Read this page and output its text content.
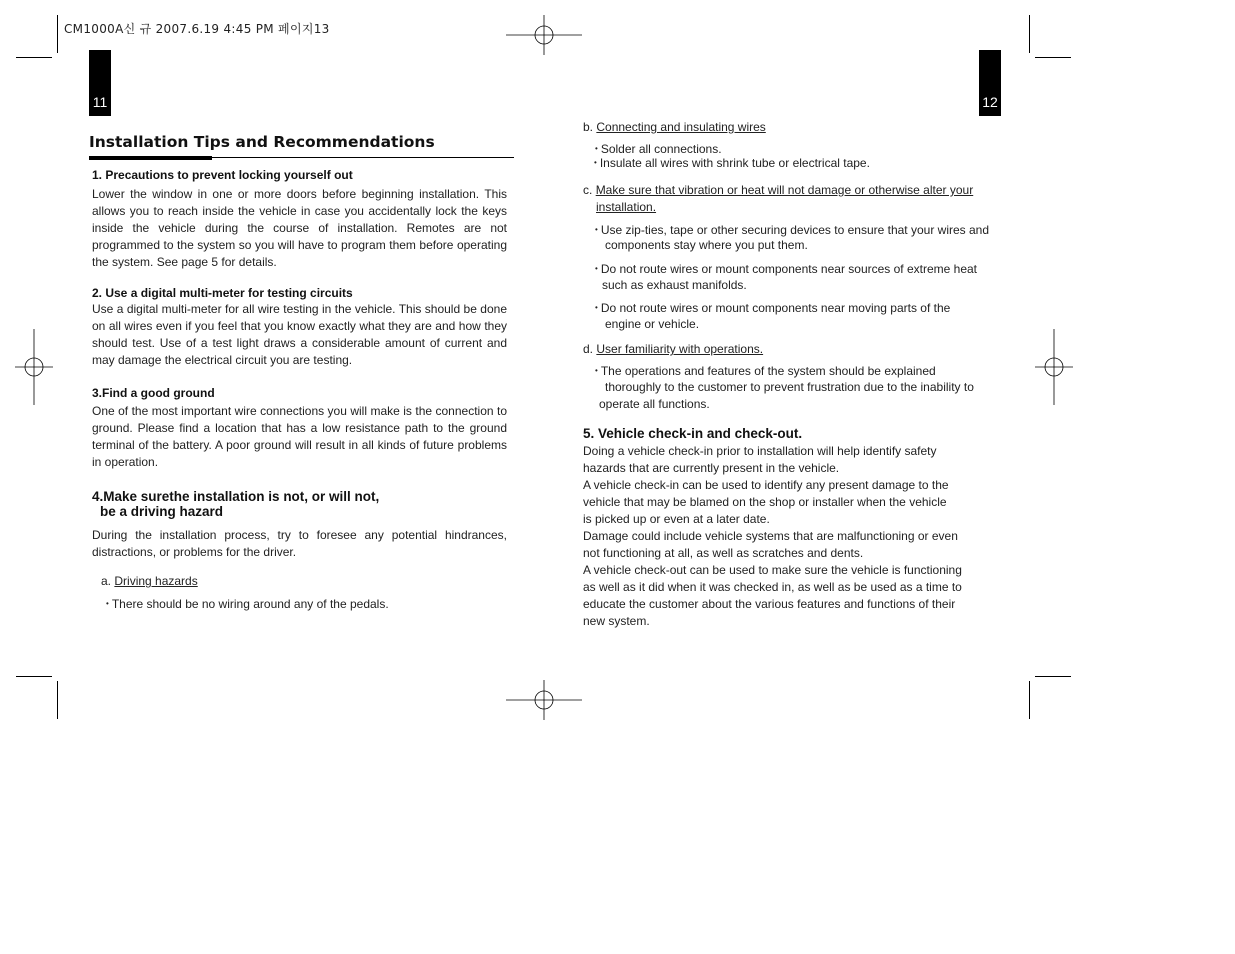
CM1000A신 규 2007.6.19 4:45 PM 페이지13
11	12
Installation Tips and Recommendations
1. Precautions to prevent locking yourself out
Lower the window in one or more doors before beginning installation. This allows you to reach inside the vehicle in case you accidentally lock the keys inside the vehicle during the course of installation. Remotes are not programmed to the system so you will have to program them before operating the system. See page 5 for details.
2. Use a digital multi-meter for testing circuits
Use a digital multi-meter for all wire testing in the vehicle. This should be done on all wires even if you feel that you know exactly what they are and how they should test. Use of a test light draws a considerable amount of current and may damage the electrical circuit you are testing.
3.Find a good ground
One of the most important wire connections you will make is the connection to ground. Please find a location that has a low resistance path to the ground terminal of the battery. A poor ground will result in all kinds of future problems in operation.
4.Make surethe installation is not, or will not,
be a driving hazard
During the installation process, try to foresee any potential hindrances, distractions, or problems for the driver.
a. Driving hazards
• There should be no wiring around any of the pedals.
b. Connecting and insulating wires
• Solder all connections.
• Insulate all wires with shrink tube or electrical tape.
c. Make sure that vibration or heat will not damage or otherwise alter your
installation.
• Use zip-ties, tape or other securing devices to ensure that your wires and
components stay where you put them.
• Do not route wires or mount components near sources of extreme heat
such as exhaust manifolds.
• Do not route wires or mount components near moving parts of the
engine or vehicle.
d. User familiarity with operations.
• The operations and features of the system should be explained
thoroughly to the customer to prevent frustration due to the inability to
operate all functions.
5. Vehicle check-in and check-out.
Doing a vehicle check-in prior to installation will help identify safety
hazards that are currently present in the vehicle.
A vehicle check-in can be used to identify any present damage to the
vehicle that may be blamed on the shop or installer when the vehicle
is picked up or even at a later date.
Damage could include vehicle systems that are malfunctioning or even
not functioning at all, as well as scratches and dents.
A vehicle check-out can be used to make sure the vehicle is functioning
as well as it did when it was checked in, as well as be used as a time to
educate the customer about the various features and functions of their
new system.
